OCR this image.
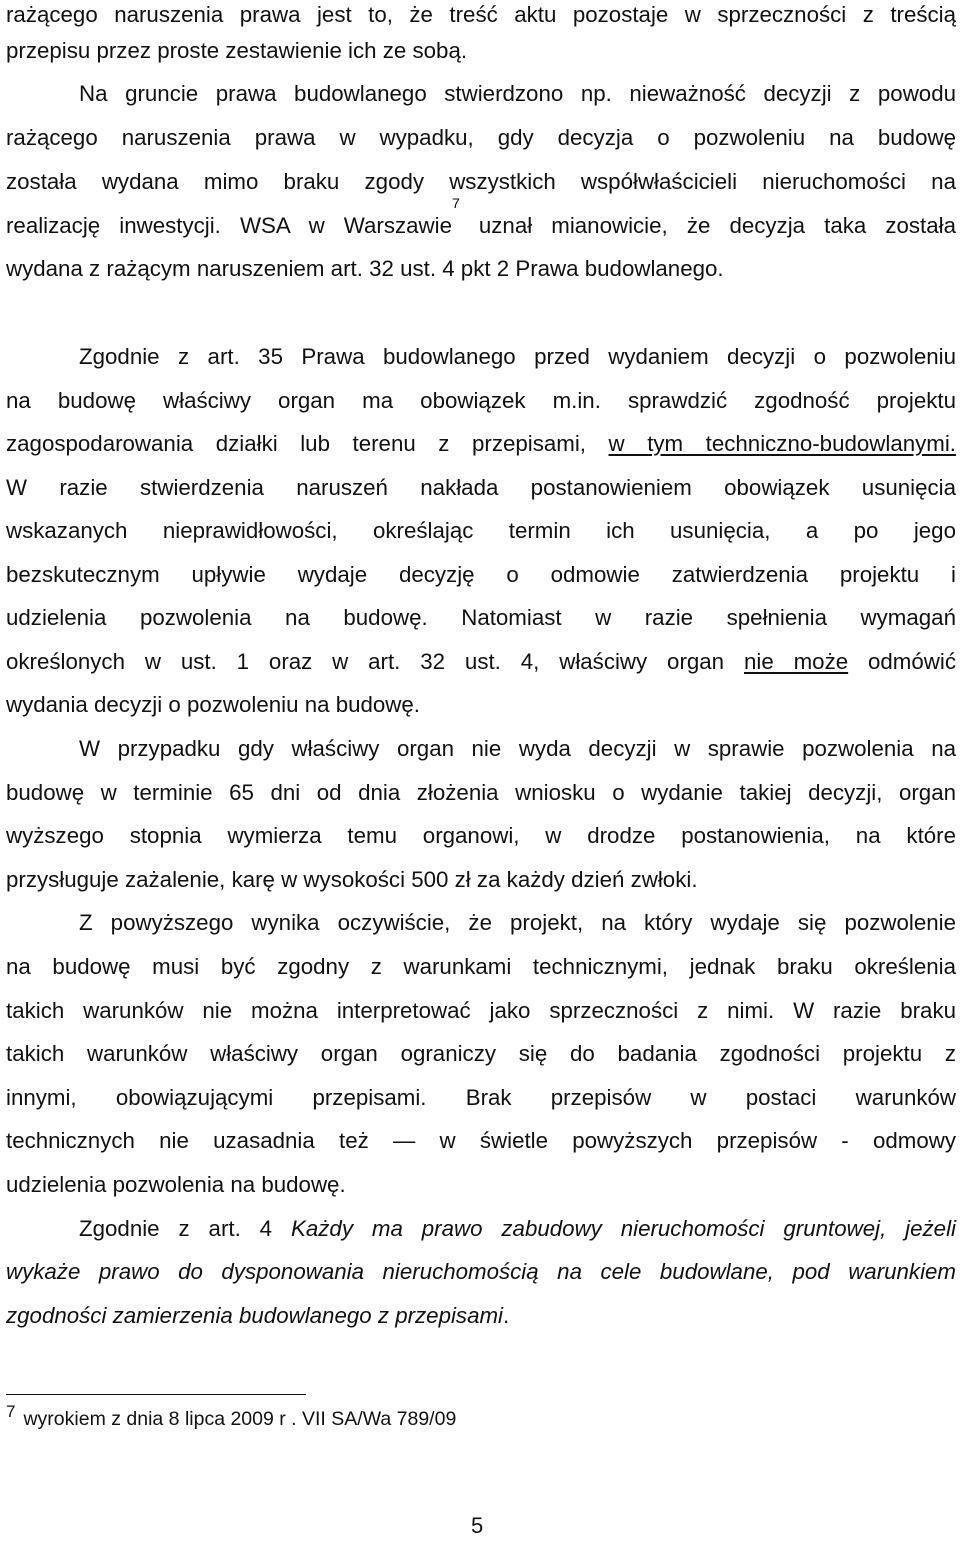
rażącego naruszenia prawa jest to, że treść aktu pozostaje w sprzeczności z treścią
przepisu przez proste zestawienie ich ze sobą.
Na gruncie prawa budowlanego stwierdzono np. nieważność decyzji z powodu
rażącego naruszenia prawa w wypadku, gdy decyzja o pozwoleniu na budowę
została wydana mimo braku zgody wszystkich współwłaścicieli nieruchomości na
realizację inwestycji. WSA w Warszawie$^7$ uznał mianowicie, że decyzja taka została
wydana z rażącym naruszeniem art. 32 ust. 4 pkt 2 Prawa budowlanego.
Zgodnie z art. 35 Prawa budowlanego przed wydaniem decyzji o pozwoleniu
na budowę właściwy organ ma obowiązek m.in. sprawdzić zgodność projektu
zagospodarowania działki lub terenu z przepisami, w tym techniczno-budowlanymi.
W razie stwierdzenia naruszeń nakłada postanowieniem obowiązek usunięcia
wskazanych nieprawidłowości, określając termin ich usunięcia, a po jego
bezskutecznym upływie wydaje decyzję o odmowie zatwierdzenia projektu i
udzielenia pozwolenia na budowę. Natomiast w razie spełnienia wymagań
określonych w ust. 1 oraz w art. 32 ust. 4, właściwy organ nie może odmówić
wydania decyzji o pozwoleniu na budowę.
W przypadku gdy właściwy organ nie wyda decyzji w sprawie pozwolenia na
budowę w terminie 65 dni od dnia złożenia wniosku o wydanie takiej decyzji, organ
wyższego stopnia wymierza temu organowi, w drodze postanowienia, na które
przysługuje zażalenie, karę w wysokości 500 zł za każdy dzień zwłoki.
Z powyższego wynika oczywiście, że projekt, na który wydaje się pozwolenie
na budowę musi być zgodny z warunkami technicznymi, jednak braku określenia
takich warunków nie można interpretować jako sprzeczności z nimi. W razie braku
takich warunków właściwy organ ograniczy się do badania zgodności projektu z
innymi, obowiązującymi przepisami. Brak przepisów w postaci warunków
technicznych nie uzasadnia też — w świetle powyższych przepisów - odmowy
udzielenia pozwolenia na budowę.
Zgodnie z art. 4 Każdy ma prawo zabudowy nieruchomości gruntowej, jeżeli
wykaże prawo do dysponowania nieruchomością na cele budowlane, pod warunkiem
zgodności zamierzenia budowlanego z przepisami.
7 wyrokiem z dnia 8 lipca 2009 r . VII SA/Wa 789/09
5
